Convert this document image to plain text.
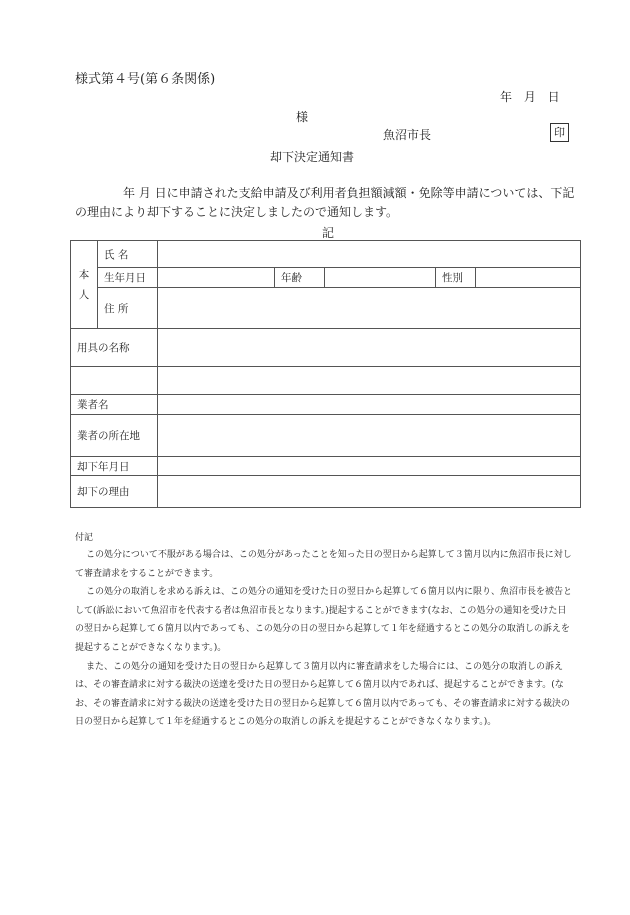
様式第４号(第６条関係)
年 月 日
様
魚沼市長	印
却下決定通知書
年 月 日に申請された支給申請及び利用者負担額減額・免除等申請については、下記の理由により却下することに決定しましたので通知します。
記
本人	氏 名					
	生年月日		年齢		性別	
	住 所					
用具の名称						

業者名						
業者の所在地						
却下年月日						
却下の理由						
付記

この処分について不服がある場合は、この処分があったことを知った日の翌日から起算して３箇月以内に魚沼市長に対して審査請求をすることができます。

この処分の取消しを求める訴えは、この処分の通知を受けた日の翌日から起算して６箇月以内に限り、魚沼市長を被告として(訴訟において魚沼市を代表する者は魚沼市長となります。)提起することができます(なお、この処分の通知を受けた日の翌日から起算して６箇月以内であっても、この処分の日の翌日から起算して１年を経過するとこの処分の取消しの訴えを提起することができなくなります。)。

また、この処分の通知を受けた日の翌日から起算して３箇月以内に審査請求をした場合には、この処分の取消しの訴えは、その審査請求に対する裁決の送達を受けた日の翌日から起算して６箇月以内であれば、提起することができます。(なお、その審査請求に対する裁決の送達を受けた日の翌日から起算して６箇月以内であっても、その審査請求に対する裁決の日の翌日から起算して１年を経過するとこの処分の取消しの訴えを提起することができなくなります。)。
